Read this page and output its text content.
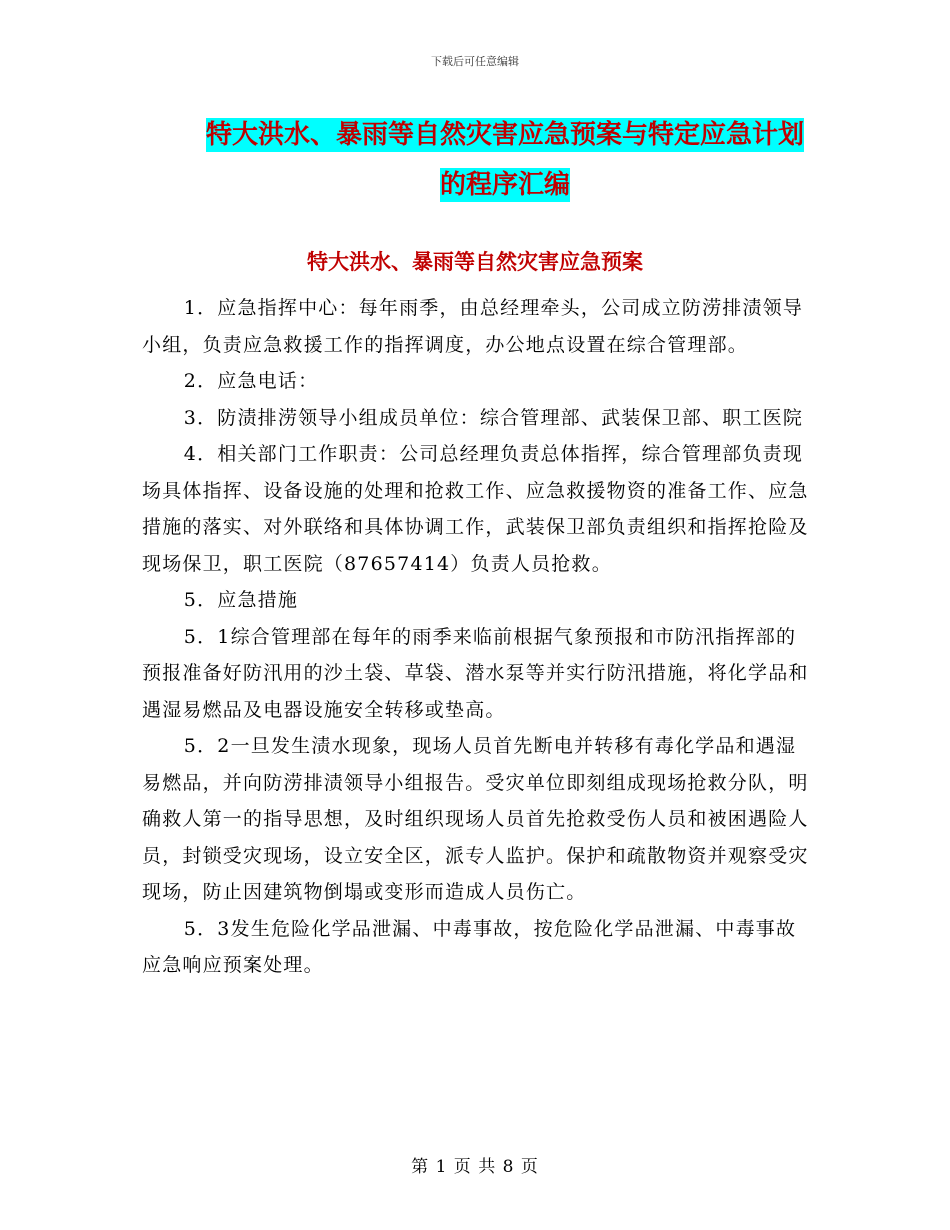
下载后可任意编辑
特大洪水、暴雨等自然灾害应急预案与特定应急计划
的程序汇编
特大洪水、暴雨等自然灾害应急预案

1．应急指挥中心：每年雨季，由总经理牵头，公司成立防涝排渍领导小组，负责应急救援工作的指挥调度，办公地点设置在综合管理部。

2．应急电话：

3．防渍排涝领导小组成员单位：综合管理部、武装保卫部、职工医院

4．相关部门工作职责：公司总经理负责总体指挥，综合管理部负责现场具体指挥、设备设施的处理和抢救工作、应急救援物资的准备工作、应急措施的落实、对外联络和具体协调工作，武装保卫部负责组织和指挥抢险及现场保卫，职工医院（87657414）负责人员抢救。

5．应急措施

5．1综合管理部在每年的雨季来临前根据气象预报和市防汛指挥部的预报准备好防汛用的沙土袋、草袋、潜水泵等并实行防汛措施，将化学品和遇湿易燃品及电器设施安全转移或垫高。

5．2一旦发生渍水现象，现场人员首先断电并转移有毒化学品和遇湿易燃品，并向防涝排渍领导小组报告。受灾单位即刻组成现场抢救分队，明确救人第一的指导思想，及时组织现场人员首先抢救受伤人员和被困遇险人员，封锁受灾现场，设立安全区，派专人监护。保护和疏散物资并观察受灾现场，防止因建筑物倒塌或变形而造成人员伤亡。

5．3发生危险化学品泄漏、中毒事故，按危险化学品泄漏、中毒事故应急响应预案处理。

第 1 页 共 8 页
